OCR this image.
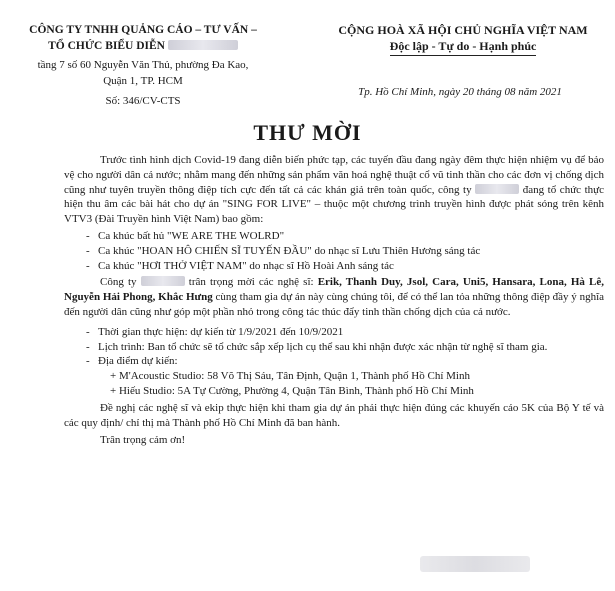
CÔNG TY TNHH QUẢNG CÁO – TƯ VẤN –
TỔ CHỨC BIỂU DIỄN
tầng 7 số 60 Nguyễn Văn Thủ, phường Đa Kao,
Quận 1, TP. HCM
Số: 346/CV-CTS
CỘNG HOÀ XÃ HỘI CHỦ NGHĨA VIỆT NAM
Độc lập - Tự do - Hạnh phúc
Tp. Hồ Chí Minh, ngày 20 tháng 08 năm 2021
THƯ MỜI

Trước tình hình dịch Covid-19 đang diễn biến phức tạp, các tuyến đầu đang ngày đêm thực hiện nhiệm vụ để bảo vệ cho người dân cả nước; nhằm mang đến những sản phẩm văn hoá nghệ thuật cổ vũ tinh thần cho các đơn vị chống dịch cũng như tuyên truyền thông điệp tích cực đến tất cả các khán giả trên toàn quốc, công ty	đang tổ chức thực hiện thu âm các bài hát cho dự án "SING FOR LIVE" – thuộc một chương trình truyền hình được phát sóng trên kênh VTV3 (Đài Truyền hình Việt Nam) bao gồm:

- Ca khúc bất hủ "WE ARE THE WOLRD"
- Ca khúc "HOAN HÔ CHIẾN SĨ TUYẾN ĐẦU" do nhạc sĩ Lưu Thiên Hương sáng tác
- Ca khúc "HƠI THỞ VIỆT NAM" do nhạc sĩ Hồ Hoài Anh sáng tác

Công ty	trân trọng mời các nghệ sĩ: Erik, Thanh Duy, Jsol, Cara, Uni5, Hansara, Lona, Hà Lê, Nguyễn Hải Phong, Khắc Hưng cùng tham gia dự án này cùng chúng tôi, để có thể lan tỏa những thông điệp đầy ý nghĩa đến người dân cũng như góp một phần nhỏ trong công tác thúc đẩy tinh thần chống dịch của cả nước.

- Thời gian thực hiện: dự kiến từ 1/9/2021 đến 10/9/2021
- Lịch trình: Ban tổ chức sẽ tổ chức sắp xếp lịch cụ thể sau khi nhận được xác nhận từ nghệ sĩ tham gia.
- Địa điểm dự kiến:
+ M'Acoustic Studio: 58 Võ Thị Sáu, Tân Định, Quận 1, Thành phố Hồ Chí Minh
+ Hiếu Studio: 5A Tự Cường, Phường 4, Quận Tân Bình, Thành phố Hồ Chí Minh

Đề nghị các nghệ sĩ và ekip thực hiện khi tham gia dự án phải thực hiện đúng các khuyến cáo 5K của Bộ Y tế và các quy định/ chỉ thị mà Thành phố Hồ Chí Minh đã ban hành.

Trân trọng cảm ơn!
